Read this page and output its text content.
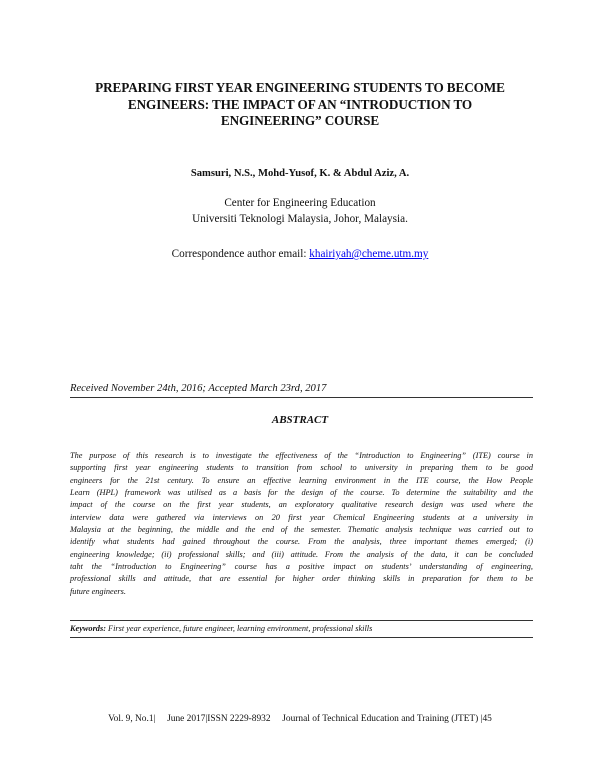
PREPARING FIRST YEAR ENGINEERING STUDENTS TO BECOME
ENGINEERS: THE IMPACT OF AN “INTRODUCTION TO
ENGINEERING” COURSE
Samsuri, N.S., Mohd-Yusof, K. & Abdul Aziz, A.
Center for Engineering Education
Universiti Teknologi Malaysia, Johor, Malaysia.
Correspondence author email: khairiyah@cheme.utm.my
Received November 24th, 2016; Accepted March 23rd, 2017
ABSTRACT
The purpose of this research is to investigate the effectiveness of the “Introduction to Engineering” (ITE) course in
supporting first year engineering students to transition from school to university in preparing them to be good
engineers for the 21st century. To ensure an effective learning environment in the ITE course, the How People
Learn (HPL) framework was utilised as a basis for the design of the course. To determine the suitability and the
impact of the course on the first year students, an exploratory qualitative research design was used where the
interview data were gathered via interviews on 20 first year Chemical Engineering students at a university in
Malaysia at the beginning, the middle and the end of the semester. Thematic analysis technique was carried out to
identify what students had gained throughout the course. From the analysis, three important themes emerged; (i)
engineering knowledge; (ii) professional skills; and (iii) attitude. From the analysis of the data, it can be concluded
taht the “Introduction to Engineering” course has a positive impact on students’ understanding of engineering,
professional skills and attitude, that are essential for higher order thinking skills in preparation for them to be
future engineers.
Keywords: First year experience, future engineer, learning environment, professional skills
Vol. 9, No.1|     June 2017|ISSN 2229-8932     Journal of Technical Education and Training (JTET) |45
